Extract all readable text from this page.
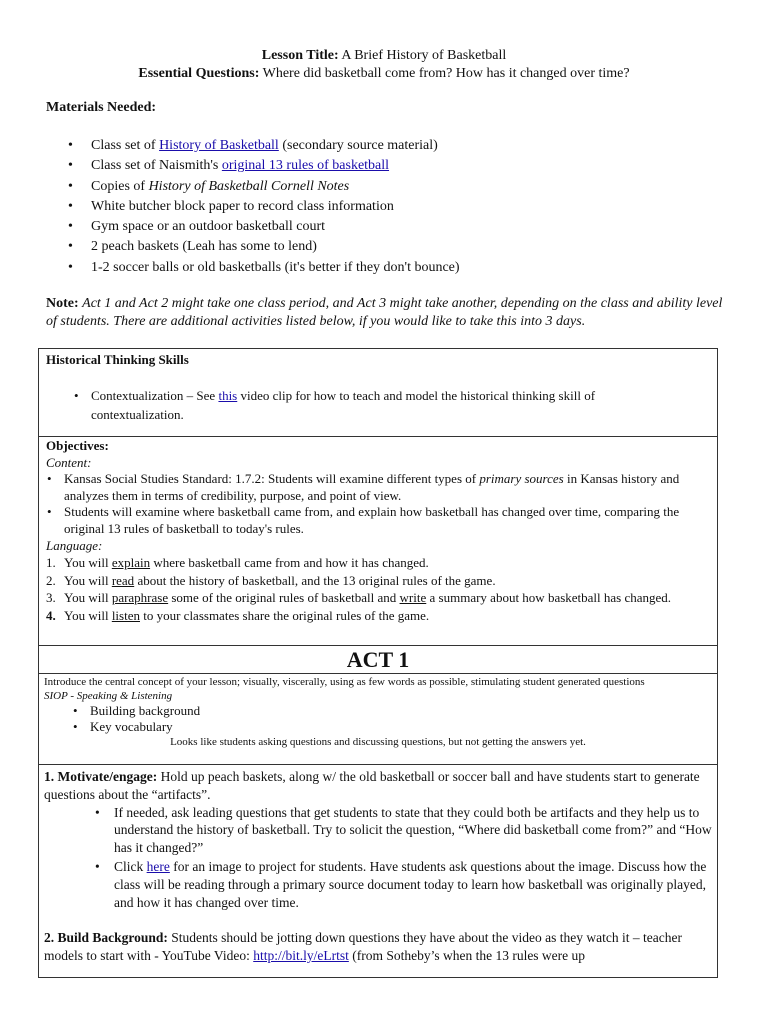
Lesson Title: A Brief History of Basketball
Essential Questions: Where did basketball come from? How has it changed over time?
Materials Needed:
• Class set of History of Basketball (secondary source material)
• Class set of Naismith's original 13 rules of basketball
• Copies of History of Basketball Cornell Notes
• White butcher block paper to record class information
• Gym space or an outdoor basketball court
• 2 peach baskets (Leah has some to lend)
• 1-2 soccer balls or old basketballs (it's better if they don't bounce)
Note: Act 1 and Act 2 might take one class period, and Act 3 might take another, depending on the class and ability level of students. There are additional activities listed below, if you would like to take this into 3 days.
Historical Thinking Skills
• Contextualization – See this video clip for how to teach and model the historical thinking skill of contextualization.
Objectives:
Content:
• Kansas Social Studies Standard: 1.7.2: Students will examine different types of primary sources in Kansas history and analyzes them in terms of credibility, purpose, and point of view.
• Students will examine where basketball came from, and explain how basketball has changed over time, comparing the original 13 rules of basketball to today's rules.
Language:
1. You will explain where basketball came from and how it has changed.
2. You will read about the history of basketball, and the 13 original rules of the game.
3. You will paraphrase some of the original rules of basketball and write a summary about how basketball has changed.
4. You will listen to your classmates share the original rules of the game.
ACT 1
Introduce the central concept of your lesson; visually, viscerally, using as few words as possible, stimulating student generated questions
SIOP - Speaking & Listening
• Building background
• Key vocabulary
Looks like students asking questions and discussing questions, but not getting the answers yet.
1. Motivate/engage: Hold up peach baskets, along w/ the old basketball or soccer ball and have students start to generate questions about the “artifacts”.
• If needed, ask leading questions that get students to state that they could both be artifacts and they help us to understand the history of basketball. Try to solicit the question, “Where did basketball come from?” and “How has it changed?”
• Click here for an image to project for students. Have students ask questions about the image. Discuss how the class will be reading through a primary source document today to learn how basketball was originally played, and how it has changed over time.
2. Build Background: Students should be jotting down questions they have about the video as they watch it – teacher models to start with - YouTube Video: http://bit.ly/eLrtst (from Sotheby’s when the 13 rules were up
